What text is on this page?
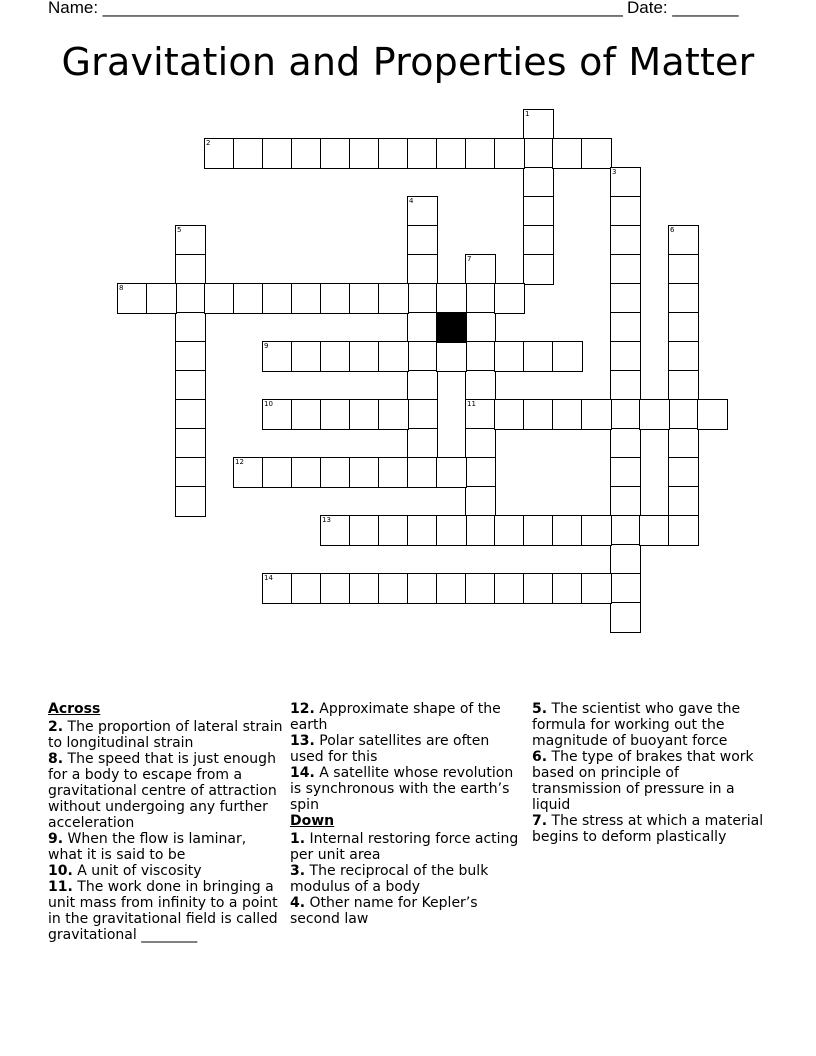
Name: _______________________________________________________ Date: _______
Gravitation and Properties of Matter
1
2
3
4
5	6
7
11
8
9
10
12
13
14
Across
2. The proportion of lateral strain to longitudinal strain
8. The speed that is just enough for a body to escape from a gravitational centre of attraction without undergoing any further acceleration
9. When the flow is laminar, what it is said to be
10. A unit of viscosity
11. The work done in bringing a unit mass from infinity to a point in the gravitational field is called gravitational ________
12. Approximate shape of the earth
13. Polar satellites are often used for this
14. A satellite whose revolution is synchronous with the earth’s spin
Down
1. Internal restoring force acting per unit area
3. The reciprocal of the bulk modulus of a body
4. Other name for Kepler’s second law
5. The scientist who gave the formula for working out the magnitude of buoyant force
6. The type of brakes that work based on principle of transmission of pressure in a liquid
7. The stress at which a material begins to deform plastically
